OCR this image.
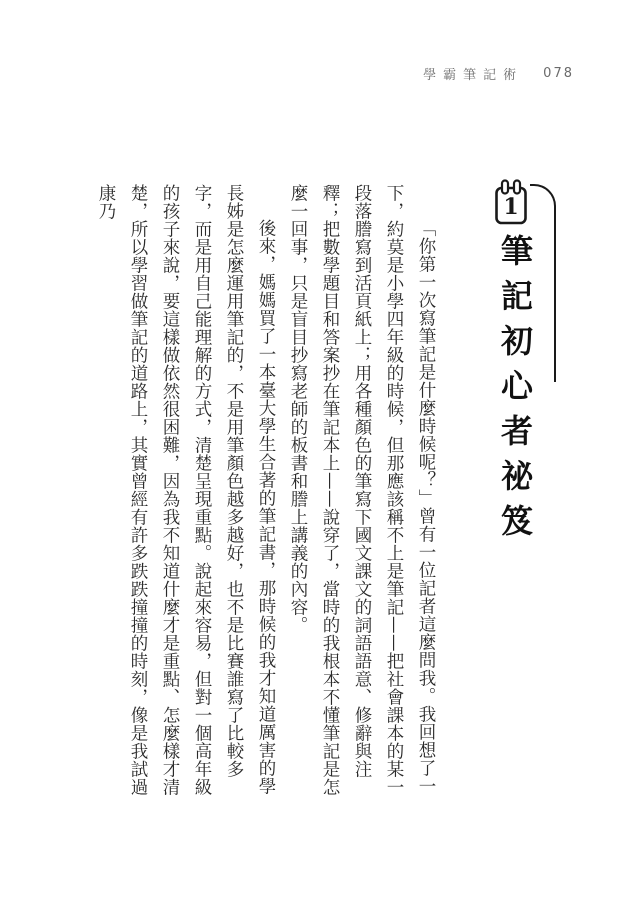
學霸筆記術 078
1
筆記初心者祕笈

「你第一次寫筆記是什麼時候呢？」曾有一位記者這麼問我。我回想了一下，約莫是小學四年級的時候，但那應該稱不上是筆記——把社會課本的某一段落謄寫到活頁紙上；用各種顏色的筆寫下國文課文的詞語語意、修辭與注釋；把數學題目和答案抄在筆記本上——說穿了，當時的我根本不懂筆記是怎麼一回事，只是盲目抄寫老師的板書和謄上講義的內容。

後來，媽媽買了一本臺大學生合著的筆記書，那時候的我才知道厲害的學長姊是怎麼運用筆記的，不是用筆顏色越多越好，也不是比賽誰寫了比較多字，而是用自己能理解的方式，清楚呈現重點。說起來容易，但對一個高年級的孩子來說，要這樣做依然很困難，因為我不知道什麼才是重點、怎麼樣才清楚，所以學習做筆記的道路上，其實曾經有許多跌跌撞撞的時刻，像是我試過康乃
